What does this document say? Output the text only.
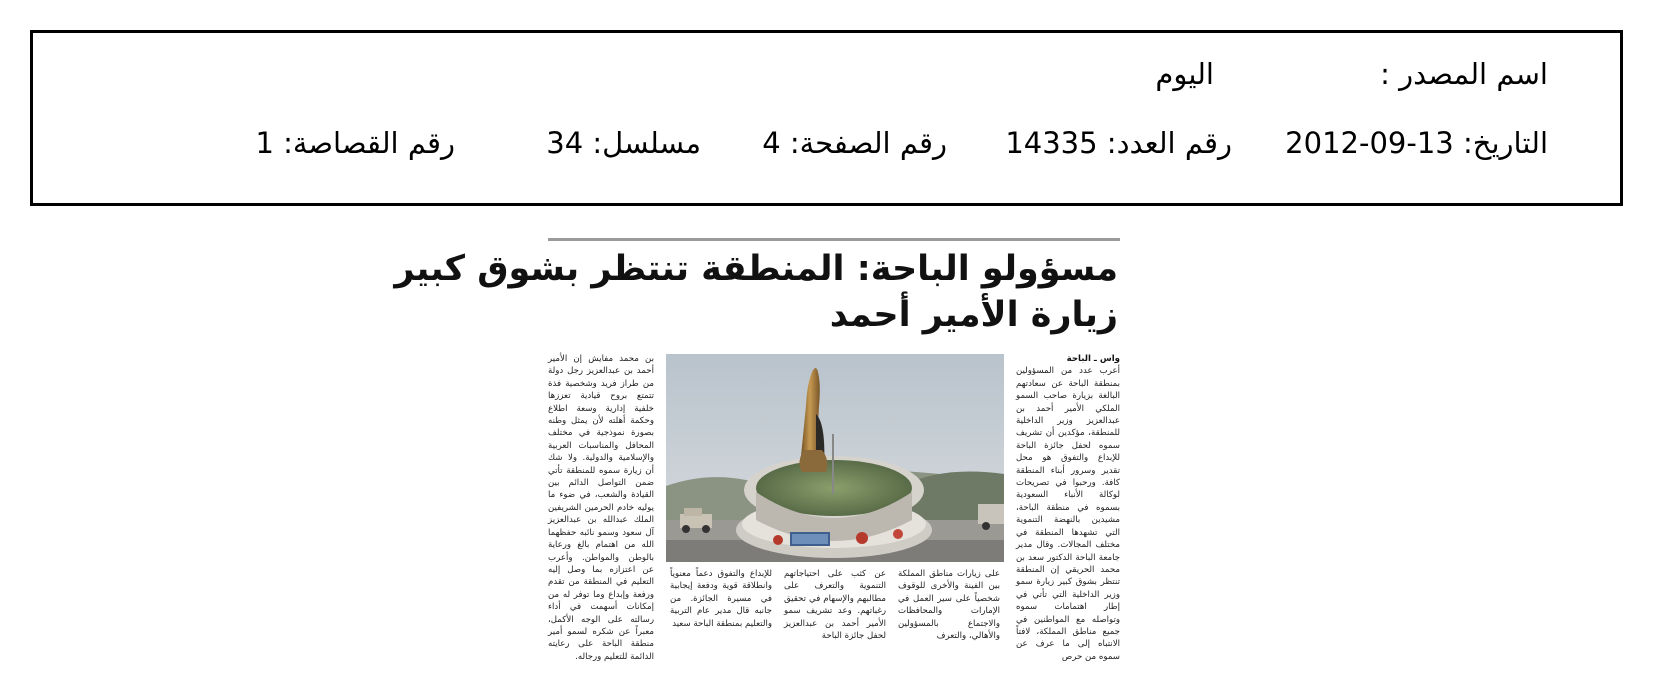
اسم المصدر :
اليوم
التاريخ: 13-09-2012
رقم العدد: 14335
رقم الصفحة: 4
مسلسل: 34
رقم القصاصة: 1
مسؤولو الباحة: المنطقة تنتظر بشوق كبير
زيارة الأمير أحمد
واس ـ الباحة
أعرب عدد من المسؤولين بمنطقة الباحة عن سعادتهم البالغة بزيارة صاحب السمو الملكي الأمير أحمد بن عبدالعزيز وزير الداخلية للمنطقة، مؤكدين أن تشريف سموه لحفل جائزة الباحة للإبداع والتفوق هو محل تقدير وسرور أبناء المنطقة كافة. ورحبوا في تصريحات لوكالة الأنباء السعودية بسموه في منطقة الباحة، مشيدين بالنهضة التنموية التي تشهدها المنطقة في مختلف المجالات. وقال مدير جامعة الباحة الدكتور سعد بن محمد الحريقي إن المنطقة تنتظر بشوق كبير زيارة سمو وزير الداخلية التي تأتي في إطار اهتمامات سموه وتواصله مع المواطنين في جميع مناطق المملكة، لافتاً الانتباه إلى ما عرف عن سموه من حرص
بن محمد مفايش إن الأمير أحمد بن عبدالعزيز رجل دولة من طراز فريد وشخصية فذة تتمتع بروح قيادية تعززها خلفية إدارية وسعة اطلاع وحكمة أهلته لأن يمثل وطنه بصورة نموذجية في مختلف المحافل والمناسبات العربية والإسلامية والدولية. ولا شك أن زيارة سموه للمنطقة تأتي ضمن التواصل الدائم بين القيادة والشعب، في ضوء ما يوليه خادم الحرمين الشريفين الملك عبدالله بن عبدالعزيز آل سعود وسمو نائبه حفظهما الله من اهتمام بالغ ورعاية بالوطن والمواطن. وأعرب عن اعتزازه بما وصل إليه التعليم في المنطقة من تقدم ورفعة وإبداع وما توفر له من إمكانات أسهمت في أداء رسالته على الوجه الأكمل، معبراً عن شكره لسمو أمير منطقة الباحة على رعايته الدائمة للتعليم ورجاله.
على زيارات مناطق المملكة بين الفينة والأخرى للوقوف شخصياً على سير العمل في الإمارات والمحافظات والاجتماع بالمسؤولين والأهالي، والتعرف
عن كثب على احتياجاتهم التنموية والتعرف على مطالبهم والإسهام في تحقيق رغباتهم. وعد تشريف سمو الأمير أحمد بن عبدالعزيز لحفل جائزة الباحة
للإبداع والتفوق دعماً معنوياً وانطلاقة قوية ودفعة إيجابية في مسيرة الجائزة. من جانبه قال مدير عام التربية والتعليم بمنطقة الباحة سعيد
